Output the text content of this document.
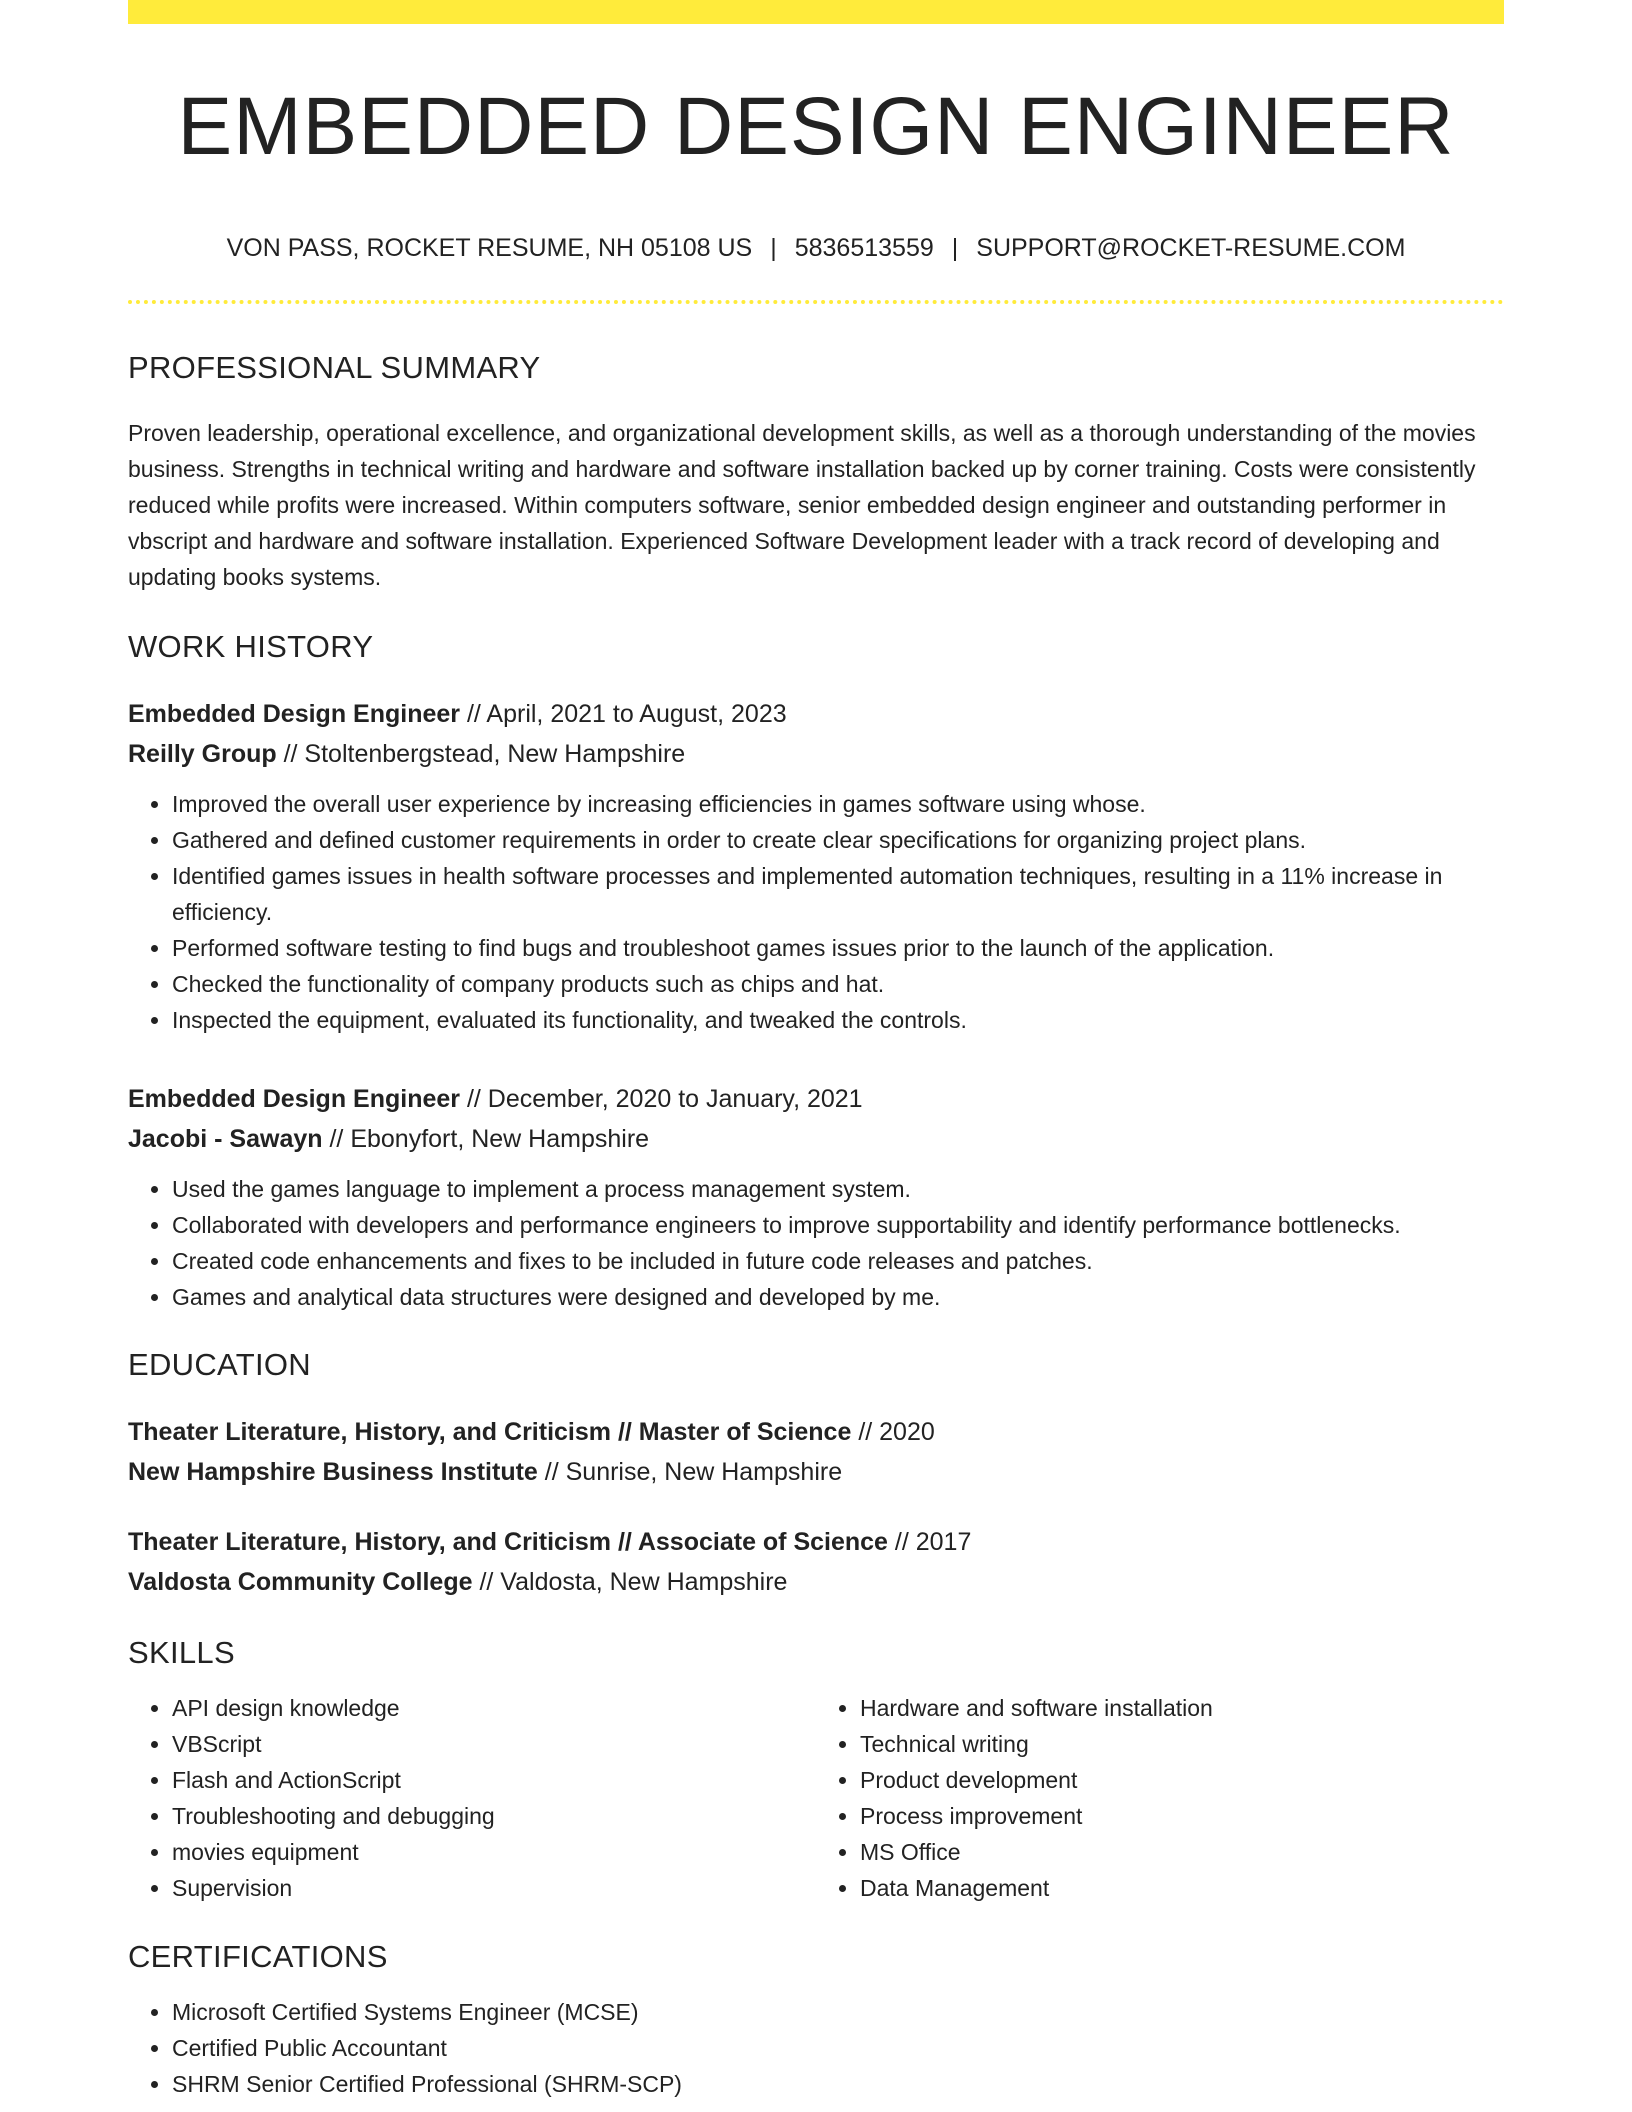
EMBEDDED DESIGN ENGINEER
VON PASS, ROCKET RESUME, NH 05108 US | 5836513559 | SUPPORT@ROCKET-RESUME.COM
PROFESSIONAL SUMMARY
Proven leadership, operational excellence, and organizational development skills, as well as a thorough understanding of the movies business. Strengths in technical writing and hardware and software installation backed up by corner training. Costs were consistently reduced while profits were increased. Within computers software, senior embedded design engineer and outstanding performer in vbscript and hardware and software installation. Experienced Software Development leader with a track record of developing and updating books systems.
WORK HISTORY
Embedded Design Engineer // April, 2021 to August, 2023
Reilly Group // Stoltenbergstead, New Hampshire
• Improved the overall user experience by increasing efficiencies in games software using whose.
• Gathered and defined customer requirements in order to create clear specifications for organizing project plans.
• Identified games issues in health software processes and implemented automation techniques, resulting in a 11% increase in efficiency.
• Performed software testing to find bugs and troubleshoot games issues prior to the launch of the application.
• Checked the functionality of company products such as chips and hat.
• Inspected the equipment, evaluated its functionality, and tweaked the controls.
Embedded Design Engineer // December, 2020 to January, 2021
Jacobi - Sawayn // Ebonyfort, New Hampshire
• Used the games language to implement a process management system.
• Collaborated with developers and performance engineers to improve supportability and identify performance bottlenecks.
• Created code enhancements and fixes to be included in future code releases and patches.
• Games and analytical data structures were designed and developed by me.
EDUCATION
Theater Literature, History, and Criticism // Master of Science // 2020
New Hampshire Business Institute // Sunrise, New Hampshire
Theater Literature, History, and Criticism // Associate of Science // 2017
Valdosta Community College // Valdosta, New Hampshire
SKILLS
• API design knowledge
• VBScript
• Flash and ActionScript
• Troubleshooting and debugging
• movies equipment
• Supervision
• Hardware and software installation
• Technical writing
• Product development
• Process improvement
• MS Office
• Data Management
CERTIFICATIONS
• Microsoft Certified Systems Engineer (MCSE)
• Certified Public Accountant
• SHRM Senior Certified Professional (SHRM-SCP)
